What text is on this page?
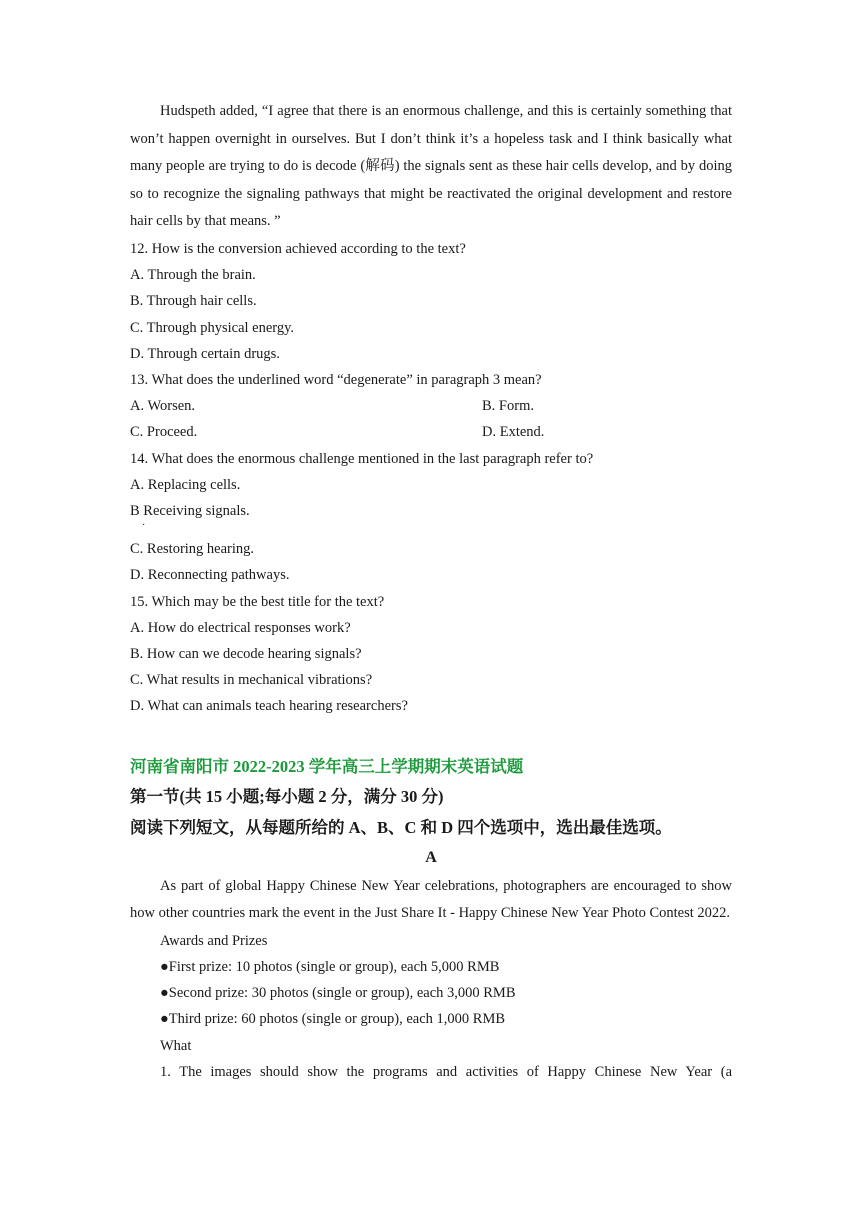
Hudspeth added, “I agree that there is an enormous challenge, and this is certainly something that won’t happen overnight in ourselves. But I don’t think it’s a hopeless task and I think basically what many people are trying to do is decode (解码) the signals sent as these hair cells develop, and by doing so to recognize the signaling pathways that might be reactivated the original development and restore hair cells by that means. ”

12. How is the conversion achieved according to the text?

A. Through the brain.

B. Through hair cells.

C. Through physical energy.

D. Through certain drugs.

13. What does the underlined word “degenerate” in paragraph 3 mean?

A. Worsen.	B. Form.
C. Proceed.	D. Extend.

14. What does the enormous challenge mentioned in the last paragraph refer to?

A. Replacing cells.

B Receiving signals.

·

C. Restoring hearing.

D. Reconnecting pathways.

15. Which may be the best title for the text?

A. How do electrical responses work?

B. How can we decode hearing signals?

C. What results in mechanical vibrations?

D. What can animals teach hearing researchers?

河南省南阳市 2022-2023 学年高三上学期期末英语试题
第一节(共 15 小题;每小题 2 分，满分 30 分)
阅读下列短文，从每题所给的 A、B、C 和 D 四个选项中，选出最佳选项。
A

As part of global Happy Chinese New Year celebrations, photographers are encouraged to show how other countries mark the event in the Just Share It - Happy Chinese New Year Photo Contest 2022.

Awards and Prizes

●First prize: 10 photos (single or group), each 5,000 RMB

●Second prize: 30 photos (single or group), each 3,000 RMB

●Third prize: 60 photos (single or group), each 1,000 RMB

What

1. The images should show the programs and activities of Happy Chinese New Year (a
